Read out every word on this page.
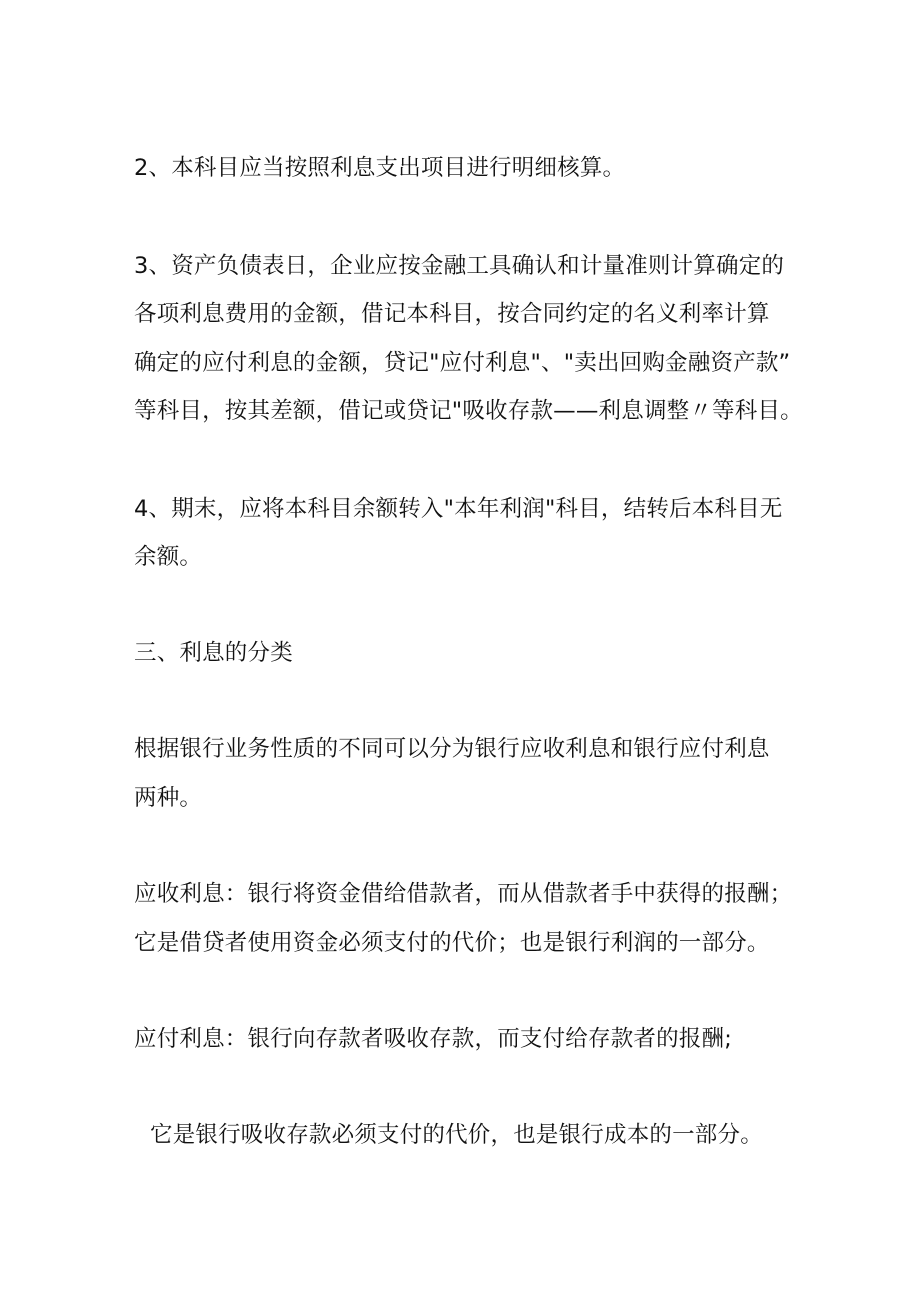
2、本科目应当按照利息支出项目进行明细核算。
3、资产负债表日，企业应按金融工具确认和计量准则计算确定的
各项利息费用的金额，借记本科目，按合同约定的名义利率计算
确定的应付利息的金额，贷记"应付利息"、"卖出回购金融资产款”
等科目，按其差额，借记或贷记"吸收存款——利息调整〃等科目。
4、期末，应将本科目余额转入"本年利润"科目，结转后本科目无
余额。
三、利息的分类
根据银行业务性质的不同可以分为银行应收利息和银行应付利息
两种。
应收利息：银行将资金借给借款者，而从借款者手中获得的报酬；
它是借贷者使用资金必须支付的代价；也是银行利润的一部分。
应付利息：银行向存款者吸收存款，而支付给存款者的报酬;
它是银行吸收存款必须支付的代价，也是银行成本的一部分。
